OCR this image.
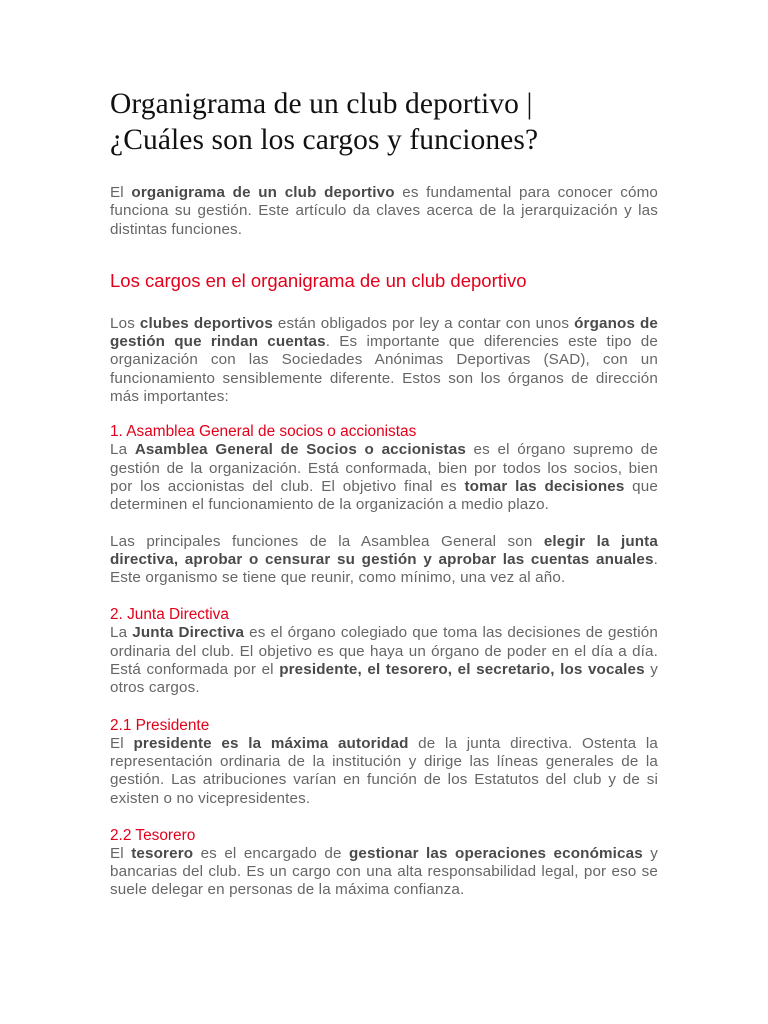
Organigrama de un club deportivo |
¿Cuáles son los cargos y funciones?

El organigrama de un club deportivo es fundamental para conocer cómo funciona su gestión. Este artículo da claves acerca de la jerarquización y las distintas funciones.

Los cargos en el organigrama de un club deportivo

Los clubes deportivos están obligados por ley a contar con unos órganos de gestión que rindan cuentas. Es importante que diferencies este tipo de organización con las Sociedades Anónimas Deportivas (SAD), con un funcionamiento sensiblemente diferente. Estos son los órganos de dirección más importantes:

1. Asamblea General de socios o accionistas

La Asamblea General de Socios o accionistas es el órgano supremo de gestión de la organización. Está conformada, bien por todos los socios, bien por los accionistas del club. El objetivo final es tomar las decisiones que determinen el funcionamiento de la organización a medio plazo.

Las principales funciones de la Asamblea General son elegir la junta directiva, aprobar o censurar su gestión y aprobar las cuentas anuales. Este organismo se tiene que reunir, como mínimo, una vez al año.

2. Junta Directiva

La Junta Directiva es el órgano colegiado que toma las decisiones de gestión ordinaria del club. El objetivo es que haya un órgano de poder en el día a día. Está conformada por el presidente, el tesorero, el secretario, los vocales y otros cargos.

2.1 Presidente

El presidente es la máxima autoridad de la junta directiva. Ostenta la representación ordinaria de la institución y dirige las líneas generales de la gestión. Las atribuciones varían en función de los Estatutos del club y de si existen o no vicepresidentes.

2.2 Tesorero

El tesorero es el encargado de gestionar las operaciones económicas y bancarias del club. Es un cargo con una alta responsabilidad legal, por eso se suele delegar en personas de la máxima confianza.
